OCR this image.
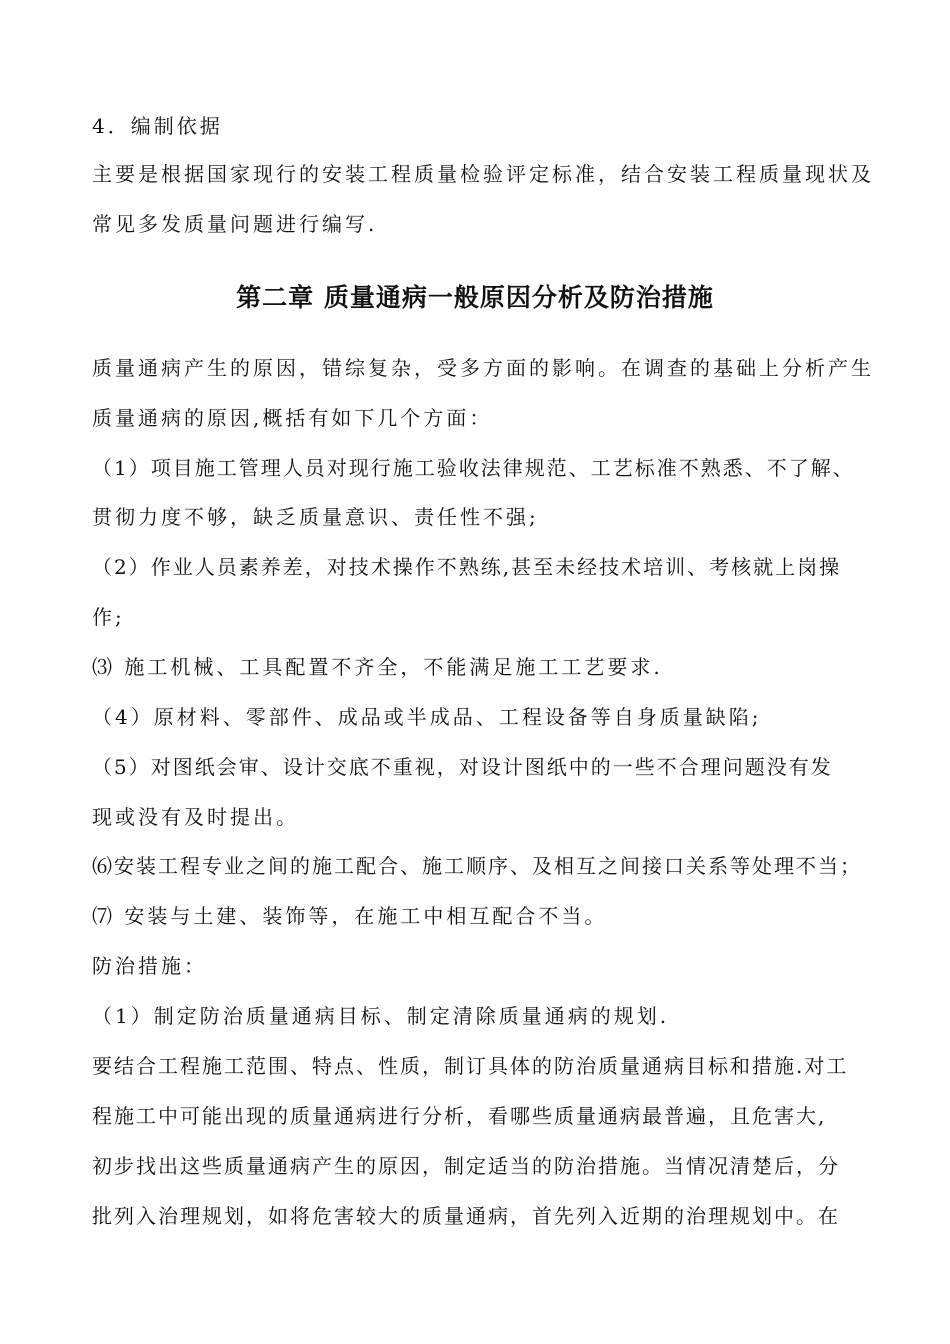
4．编制依据
主要是根据国家现行的安装工程质量检验评定标准，结合安装工程质量现状及
常见多发质量问题进行编写.
第二章 质量通病一般原因分析及防治措施
质量通病产生的原因，错综复杂，受多方面的影响。在调查的基础上分析产生
质量通病的原因,概括有如下几个方面：
（1）项目施工管理人员对现行施工验收法律规范、工艺标准不熟悉、不了解、
贯彻力度不够，缺乏质量意识、责任性不强;
（2）作业人员素养差，对技术操作不熟练,甚至未经技术培训、考核就上岗操
作;
⑶ 施工机械、工具配置不齐全，不能满足施工工艺要求.
（4）原材料、零部件、成品或半成品、工程设备等自身质量缺陷;
（5）对图纸会审、设计交底不重视，对设计图纸中的一些不合理问题没有发
现或没有及时提出。
⑹安装工程专业之间的施工配合、施工顺序、及相互之间接口关系等处理不当；
⑺ 安装与土建、装饰等，在施工中相互配合不当。
防治措施：
（1）制定防治质量通病目标、制定清除质量通病的规划.
要结合工程施工范围、特点、性质，制订具体的防治质量通病目标和措施.对工
程施工中可能出现的质量通病进行分析，看哪些质量通病最普遍，且危害大,
初步找出这些质量通病产生的原因，制定适当的防治措施。当情况清楚后，分
批列入治理规划，如将危害较大的质量通病，首先列入近期的治理规划中。在
